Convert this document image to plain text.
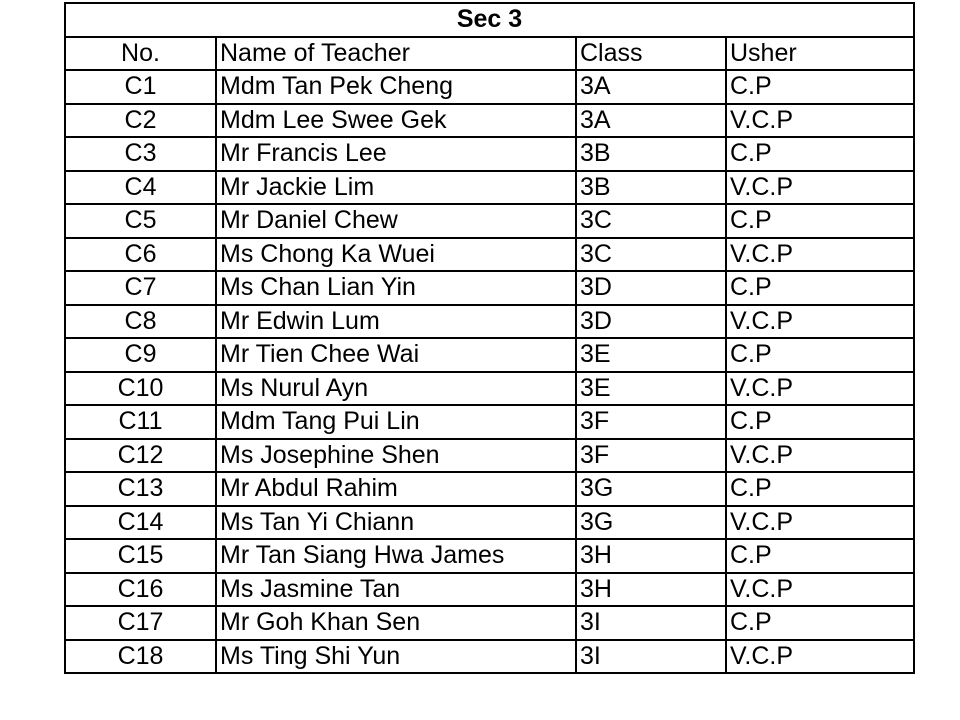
Sec 3			
No.	Name of Teacher	Class	Usher
C1	Mdm Tan Pek Cheng	3A	C.P
C2	Mdm Lee Swee Gek	3A	V.C.P
C3	Mr Francis Lee	3B	C.P
C4	Mr Jackie Lim	3B	V.C.P
C5	Mr Daniel Chew	3C	C.P
C6	Ms Chong Ka Wuei	3C	V.C.P
C7	Ms Chan Lian Yin	3D	C.P
C8	Mr Edwin Lum	3D	V.C.P
C9	Mr Tien Chee Wai	3E	C.P
C10	Ms Nurul Ayn	3E	V.C.P
C11	Mdm Tang Pui Lin	3F	C.P
C12	Ms Josephine Shen	3F	V.C.P
C13	Mr Abdul Rahim	3G	C.P
C14	Ms Tan Yi Chiann	3G	V.C.P
C15	Mr Tan Siang Hwa James	3H	C.P
C16	Ms Jasmine Tan	3H	V.C.P
C17	Mr Goh Khan Sen	3I	C.P
C18	Ms Ting Shi Yun	3I	V.C.P
